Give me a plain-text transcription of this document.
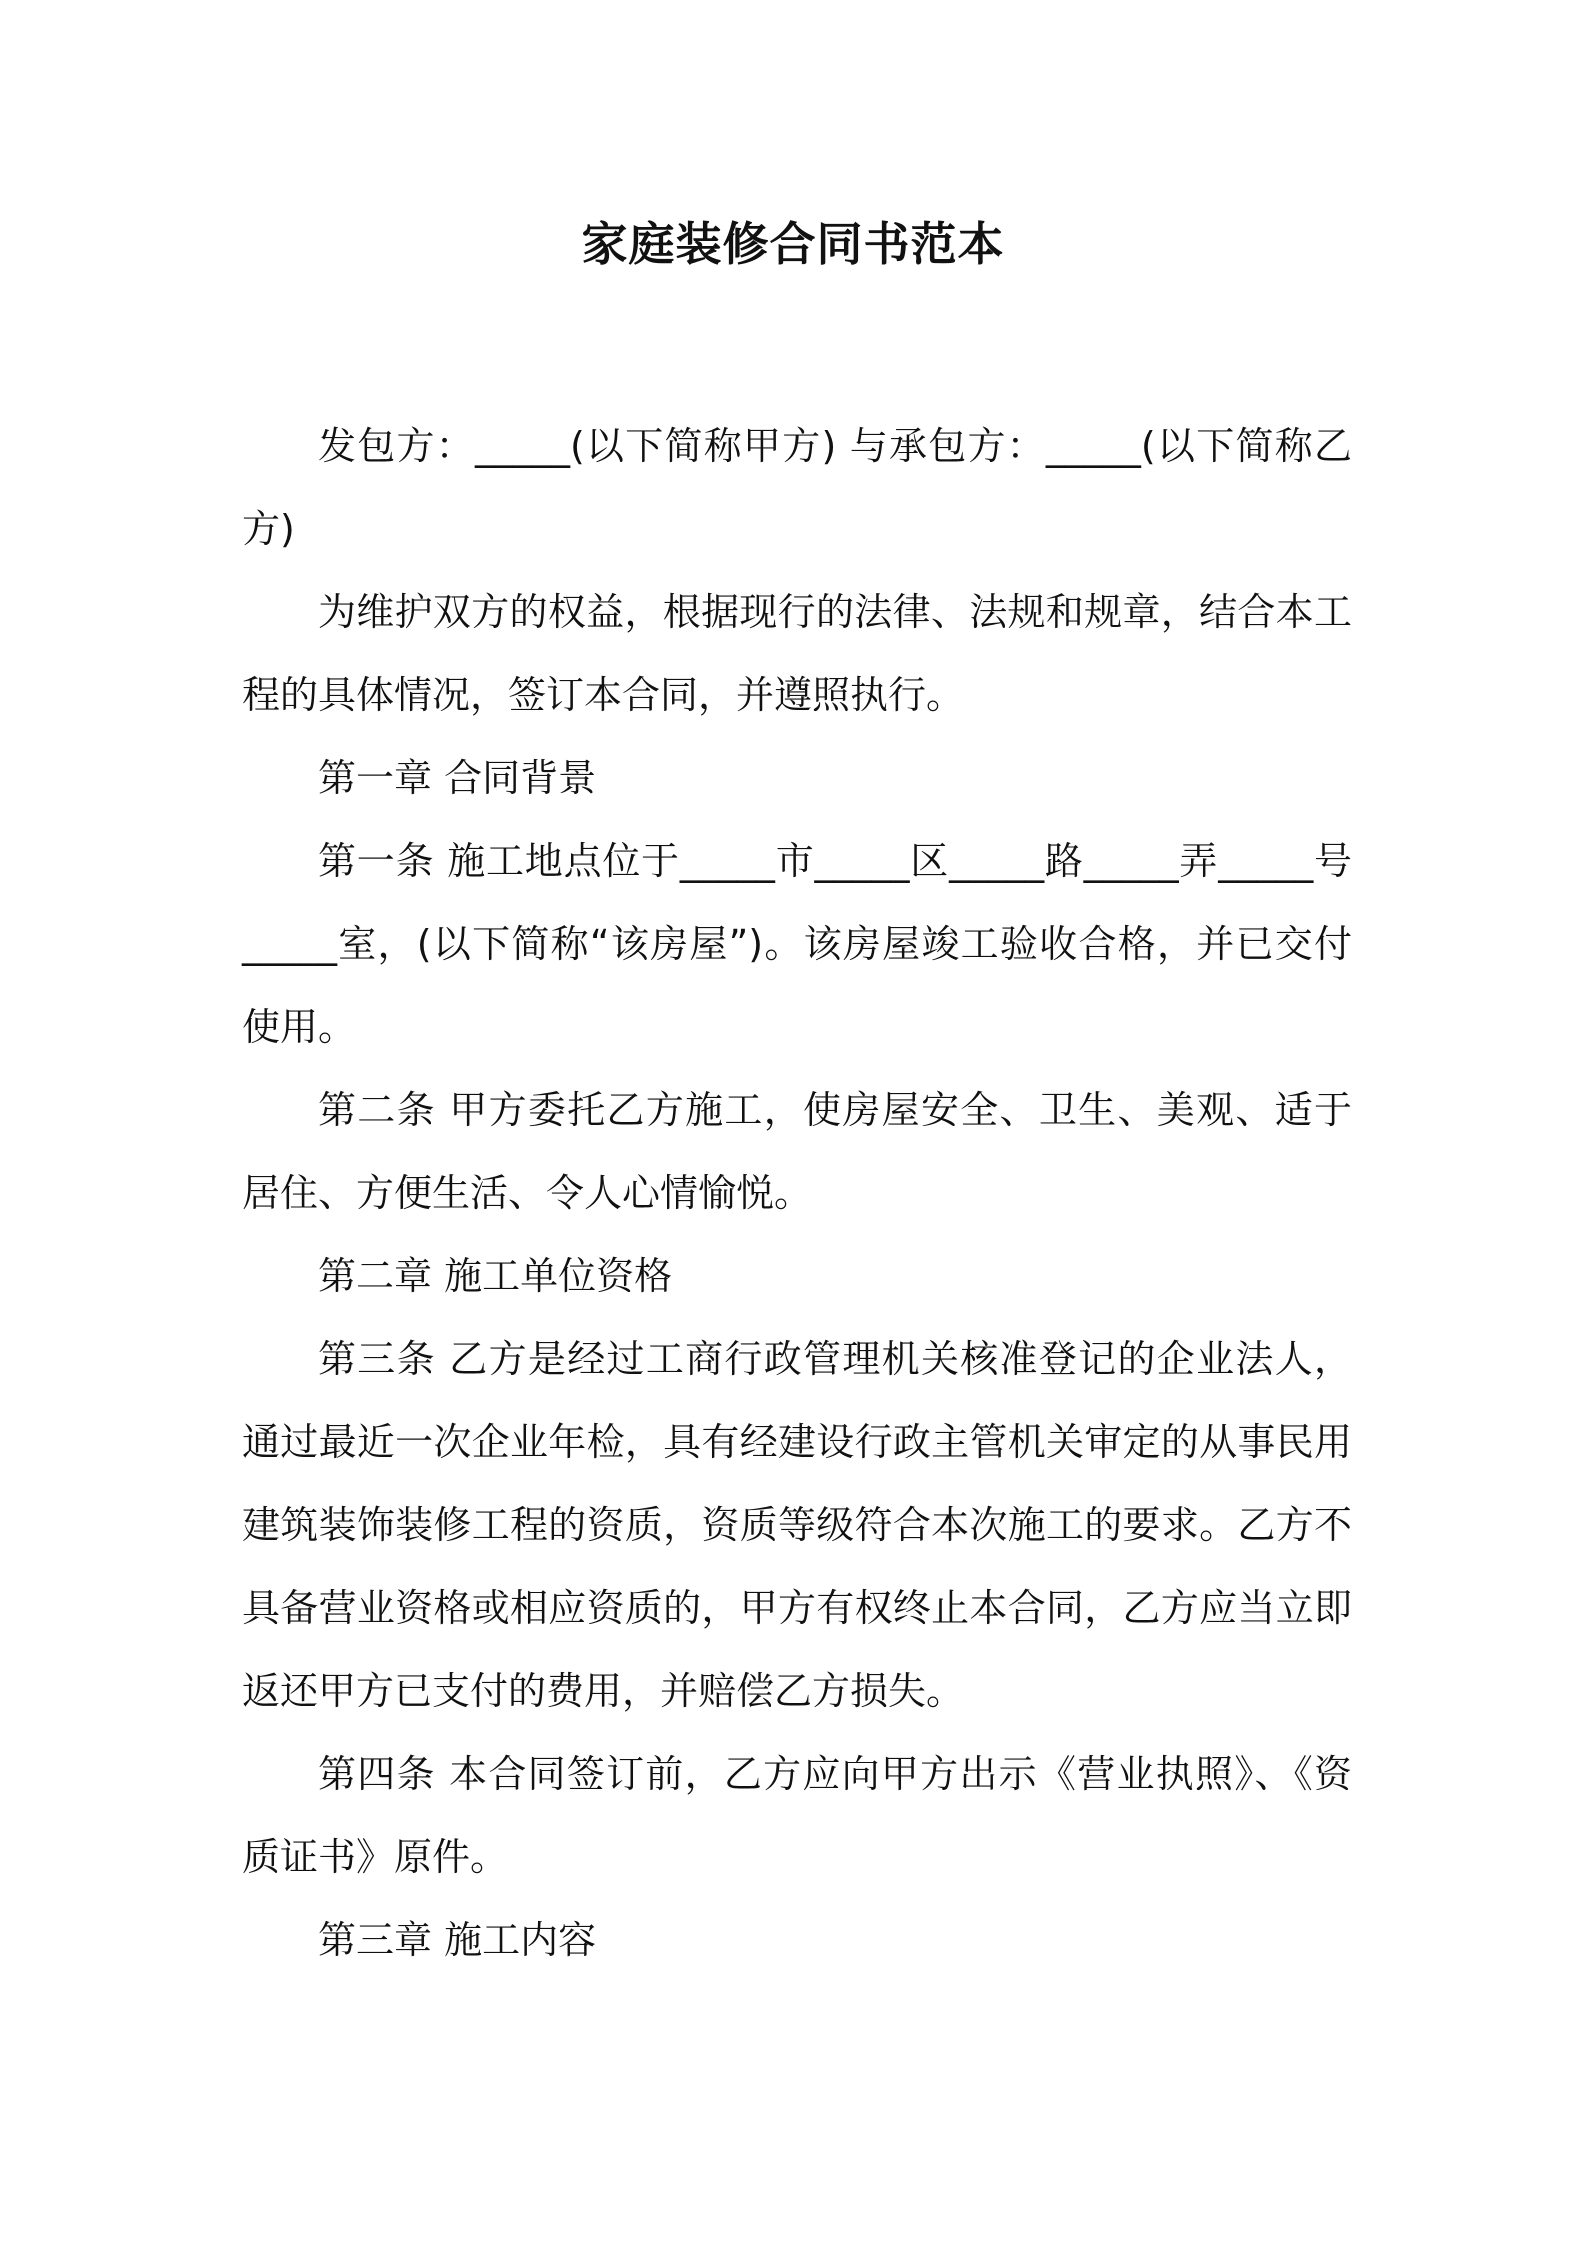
家庭装修合同书范本

发包方：_____(以下简称甲方) 与承包方：_____(以下简称乙方)

为维护双方的权益，根据现行的法律、法规和规章，结合本工程的具体情况，签订本合同，并遵照执行。

第一章 合同背景

第一条 施工地点位于_____市_____区_____路_____弄_____号_____室，(以下简称“该房屋”)。该房屋竣工验收合格，并已交付使用。

第二条 甲方委托乙方施工，使房屋安全、卫生、美观、适于居住、方便生活、令人心情愉悦。

第二章 施工单位资格

第三条 乙方是经过工商行政管理机关核准登记的企业法人，通过最近一次企业年检，具有经建设行政主管机关审定的从事民用建筑装饰装修工程的资质，资质等级符合本次施工的要求。乙方不具备营业资格或相应资质的，甲方有权终止本合同，乙方应当立即返还甲方已支付的费用，并赔偿乙方损失。

第四条 本合同签订前，乙方应向甲方出示《营业执照》、《资质证书》原件。

第三章 施工内容
